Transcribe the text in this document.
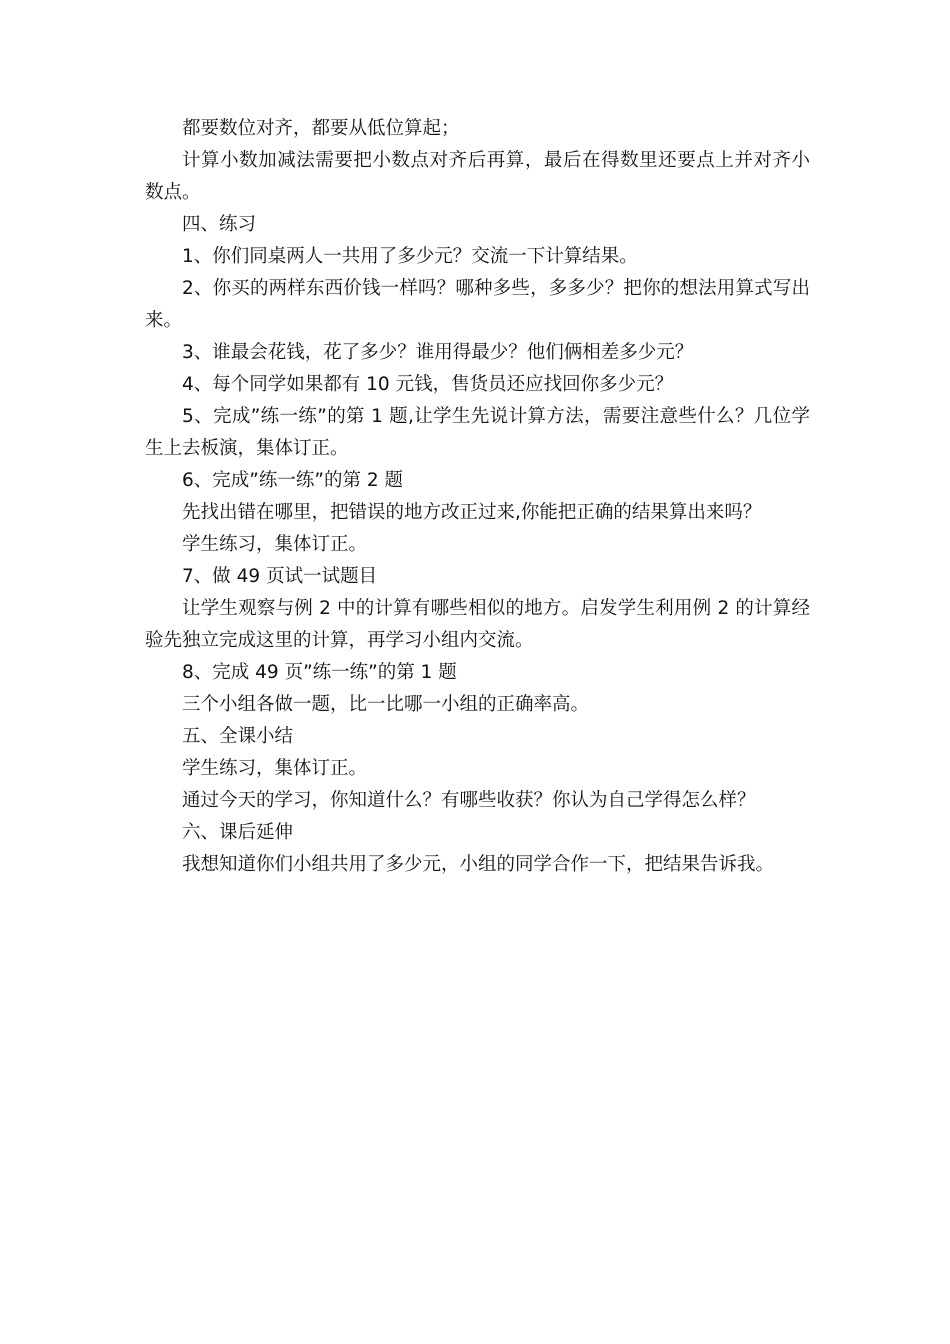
都要数位对齐，都要从低位算起；

计算小数加减法需要把小数点对齐后再算，最后在得数里还要点上并对齐小数点。

四、练习

1、你们同桌两人一共用了多少元？交流一下计算结果。

2、你买的两样东西价钱一样吗？哪种多些，多多少？把你的想法用算式写出来。

3、谁最会花钱，花了多少？谁用得最少？他们俩相差多少元？

4、每个同学如果都有 10 元钱，售货员还应找回你多少元？

5、完成”练一练”的第 1 题,让学生先说计算方法，需要注意些什么？几位学生上去板演，集体订正。

6、完成”练一练”的第 2 题

先找出错在哪里，把错误的地方改正过来,你能把正确的结果算出来吗？

学生练习，集体订正。

7、做 49 页试一试题目

让学生观察与例 2 中的计算有哪些相似的地方。启发学生利用例 2 的计算经验先独立完成这里的计算，再学习小组内交流。

8、完成 49 页”练一练”的第 1 题

三个小组各做一题，比一比哪一小组的正确率高。

五、全课小结

学生练习，集体订正。

通过今天的学习，你知道什么？有哪些收获？你认为自己学得怎么样？

六、课后延伸

我想知道你们小组共用了多少元，小组的同学合作一下，把结果告诉我。
